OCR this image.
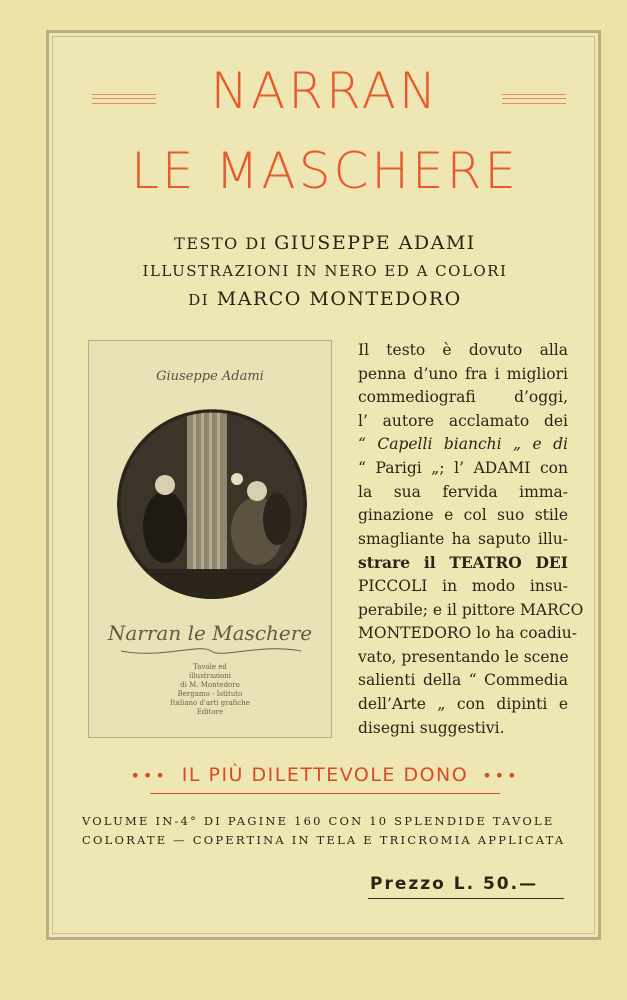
NARRAN
LE MASCHERE
TESTO DI GIUSEPPE ADAMI
ILLUSTRAZIONI IN NERO ED A COLORI
DI MARCO MONTEDORO
Giuseppe Adami
Narran le Maschere
Tavole ed
illustrazioni
di M. Montedoro
Bergamo - Istituto
Italiano d'arti grafiche
Editore
Il testo è dovuto alla
penna d’uno fra i migliori
commediografi d’oggi,
l’ autore acclamato dei
“ Capelli bianchi „ e di
“ Parigi „; l’ ADAMI con
la sua fervida imma-
ginazione e col suo stile
smagliante ha saputo illu-
strare il TEATRO DEI
PICCOLI in modo insu-
perabile; e il pittore MARCO
MONTEDORO lo ha coadiu-
vato, presentando le scene
salienti della “ Commedia
dell’Arte „ con dipinti e
disegni suggestivi.
••• IL PIÙ DILETTEVOLE DONO •••
VOLUME IN-4° DI PAGINE 160 CON 10 SPLENDIDE TAVOLE
COLORATE — COPERTINA IN TELA E TRICROMIA APPLICATA
Prezzo L. 50.—
